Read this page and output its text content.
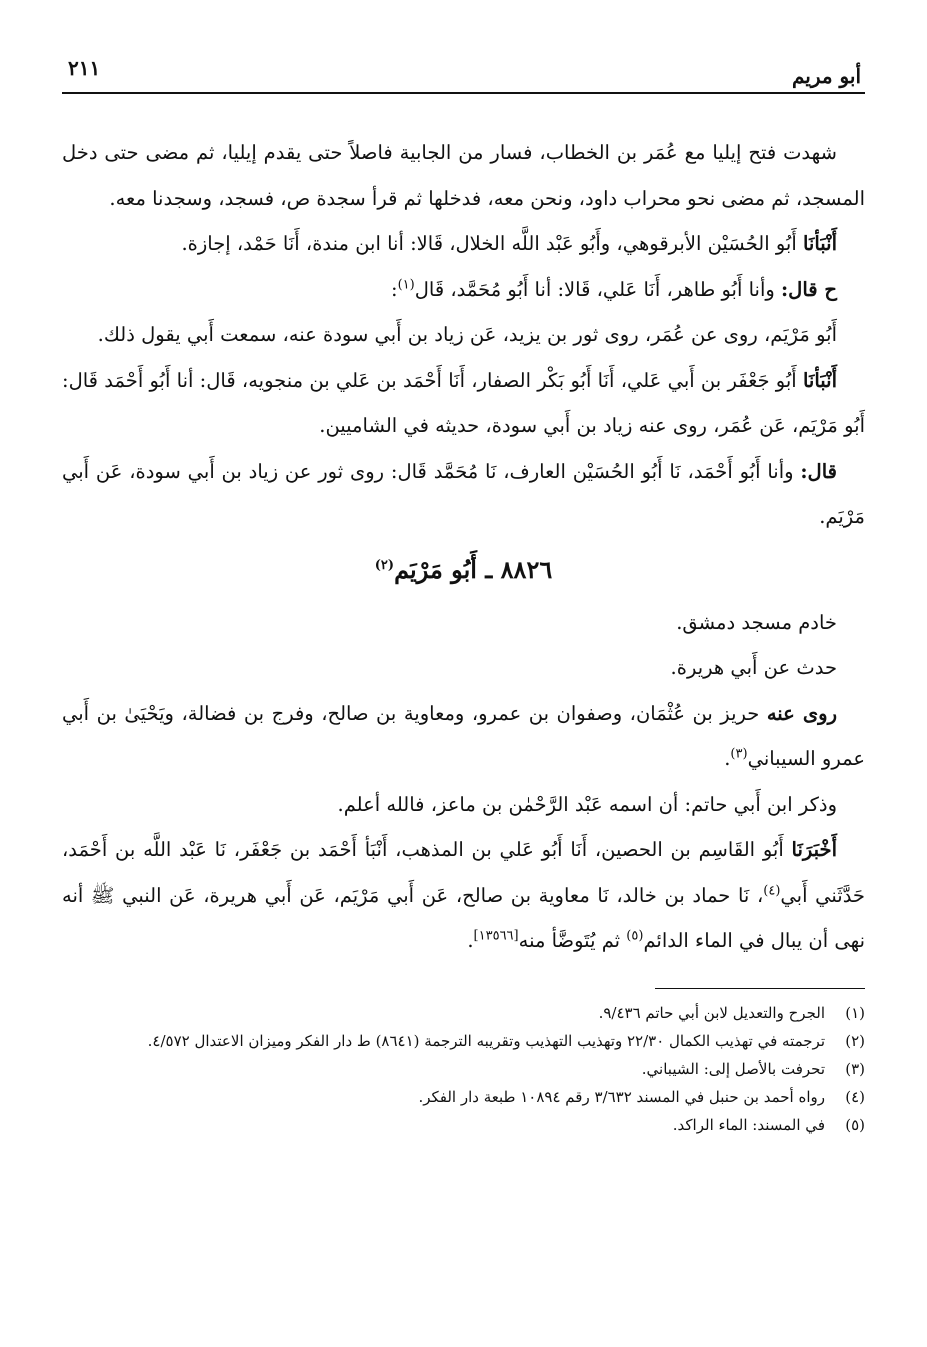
أبو مريم
٢١١

شهدت فتح إيليا مع عُمَر بن الخطاب، فسار من الجابية فاصلاً حتى يقدم إيليا، ثم مضى حتى دخل المسجد، ثم مضى نحو محراب داود، ونحن معه، فدخلها ثم قرأ سجدة ص، فسجد، وسجدنا معه.

أَنْبَأنَا أَبُو الحُسَيْن الأبرقوهي، وأَبُو عَبْد اللَّه الخلال، قَالا: أنا ابن مندة، أَنَا حَمْد، إجازة.

ح قال: وأنا أَبُو طاهر، أَنَا عَلي، قَالا: أنا أَبُو مُحَمَّد، قَال$^{(١)}$:

أَبُو مَرْيَم، روى عن عُمَر، روى ثور بن يزيد، عَن زياد بن أَبي سودة عنه، سمعت أَبي يقول ذلك.

أَنْبَأنَا أَبُو جَعْفَر بن أَبي عَلي، أَنَا أَبُو بَكْر الصفار، أَنَا أَحْمَد بن عَلي بن منجويه، قَال: أنا أَبُو أَحْمَد قَال: أَبُو مَرْيَم، عَن عُمَر، روى عنه زياد بن أَبي سودة، حديثه في الشاميين.

قال: وأنا أَبُو أَحْمَد، نَا أَبُو الحُسَيْن العارف، نَا مُحَمَّد قَال: روى ثور عن زياد بن أَبي سودة، عَن أَبي مَرْيَم.

٨٨٢٦ ـ أَبُو مَرْيَم$^{(٢)}$

خادم مسجد دمشق.

حدث عن أَبي هريرة.

روى عنه حريز بن عُثْمَان، وصفوان بن عمرو، ومعاوية بن صالح، وفرج بن فضالة، ويَحْيَىٰ بن أَبي عمرو السيباني$^{(٣)}$.

وذكر ابن أَبي حاتم: أن اسمه عَبْد الرَّحْمٰن بن ماعز، فالله أعلم.

أَخْبَرَنَا أَبُو القَاسِم بن الحصين، أَنَا أَبُو عَلي بن المذهب، أَنْبَأ أَحْمَد بن جَعْفَر، نَا عَبْد اللَّه بن أَحْمَد، حَدَّثَني أَبي$^{(٤)}$، نَا حماد بن خالد، نَا معاوية بن صالح، عَن أَبي مَرْيَم، عَن أَبي هريرة، عَن النبي ﷺ أنه نهى أن يبال في الماء الدائم$^{(٥)}$ ثم يُتَوضَّأ منه[١٣٥٦٦].

(١)
الجرح والتعديل لابن أبي حاتم ٩/٤٣٦.
(٢)
ترجمته في تهذيب الكمال ٢٢/٣٠ وتهذيب التهذيب وتقريبه الترجمة (٨٦٤١) ط دار الفكر وميزان الاعتدال ٤/٥٧٢.
(٣)
تحرفت بالأصل إلى: الشيباني.
(٤)
رواه أحمد بن حنبل في المسند ٣/٦٣٢ رقم ١٠٨٩٤ طبعة دار الفكر.
(٥)
في المسند: الماء الراكد.
